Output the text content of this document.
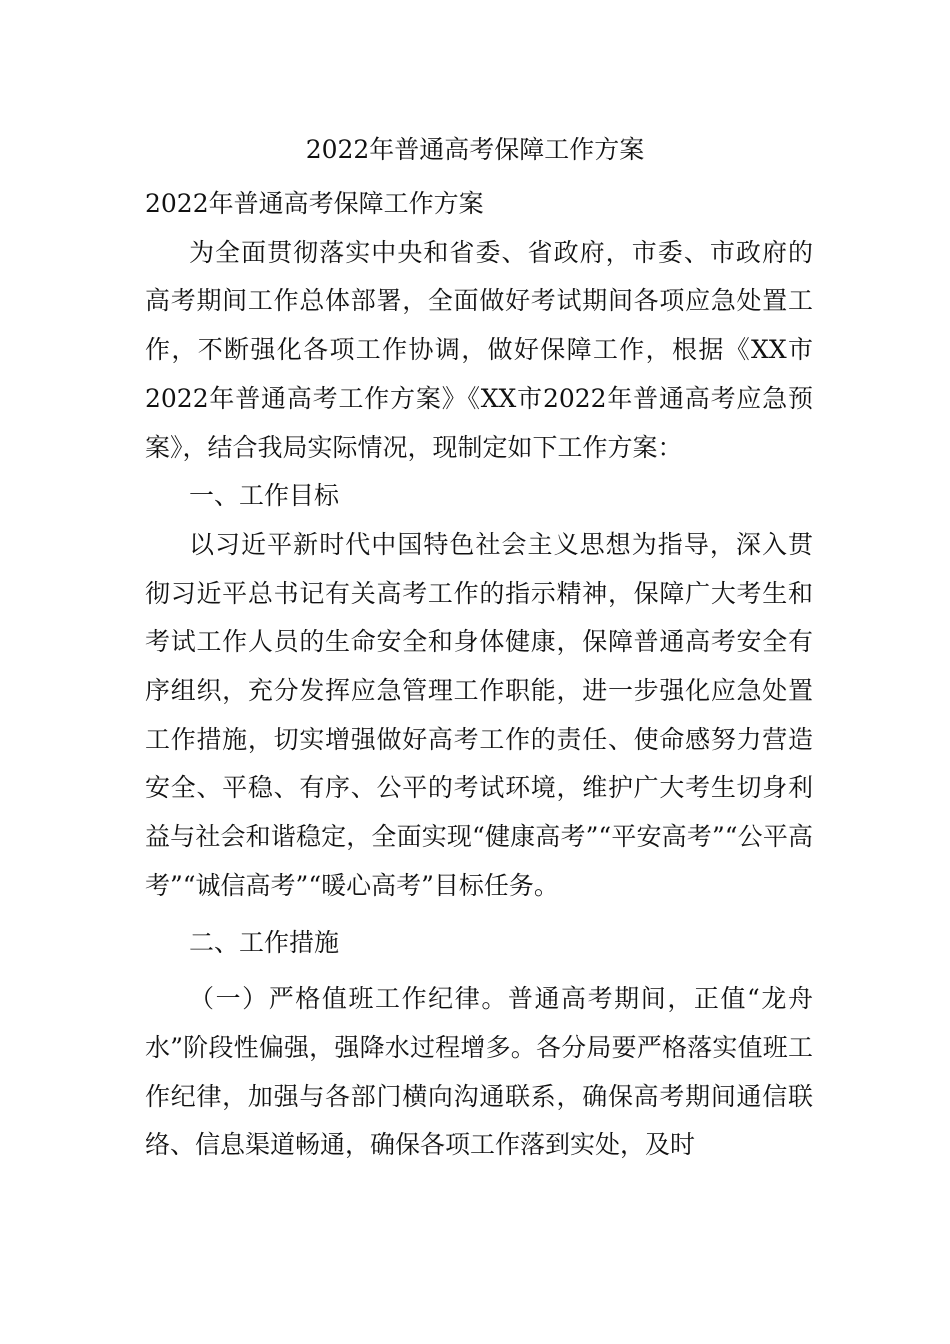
2022年普通高考保障工作方案

2022年普通高考保障工作方案

为全面贯彻落实中央和省委、省政府，市委、市政府的高考期间工作总体部署，全面做好考试期间各项应急处置工作，不断强化各项工作协调，做好保障工作，根据《XX市2022年普通高考工作方案》《XX市2022年普通高考应急预案》，结合我局实际情况，现制定如下工作方案：

一、工作目标

以习近平新时代中国特色社会主义思想为指导，深入贯彻习近平总书记有关高考工作的指示精神，保障广大考生和考试工作人员的生命安全和身体健康，保障普通高考安全有序组织，充分发挥应急管理工作职能，进一步强化应急处置工作措施，切实增强做好高考工作的责任、使命感努力营造安全、平稳、有序、公平的考试环境，维护广大考生切身利益与社会和谐稳定，全面实现“健康高考”“平安高考”“公平高考”“诚信高考”“暖心高考”目标任务。

二、工作措施

（一）严格值班工作纪律。普通高考期间，正值“龙舟水”阶段性偏强，强降水过程增多。各分局要严格落实值班工作纪律，加强与各部门横向沟通联系，确保高考期间通信联络、信息渠道畅通，确保各项工作落到实处，及时
